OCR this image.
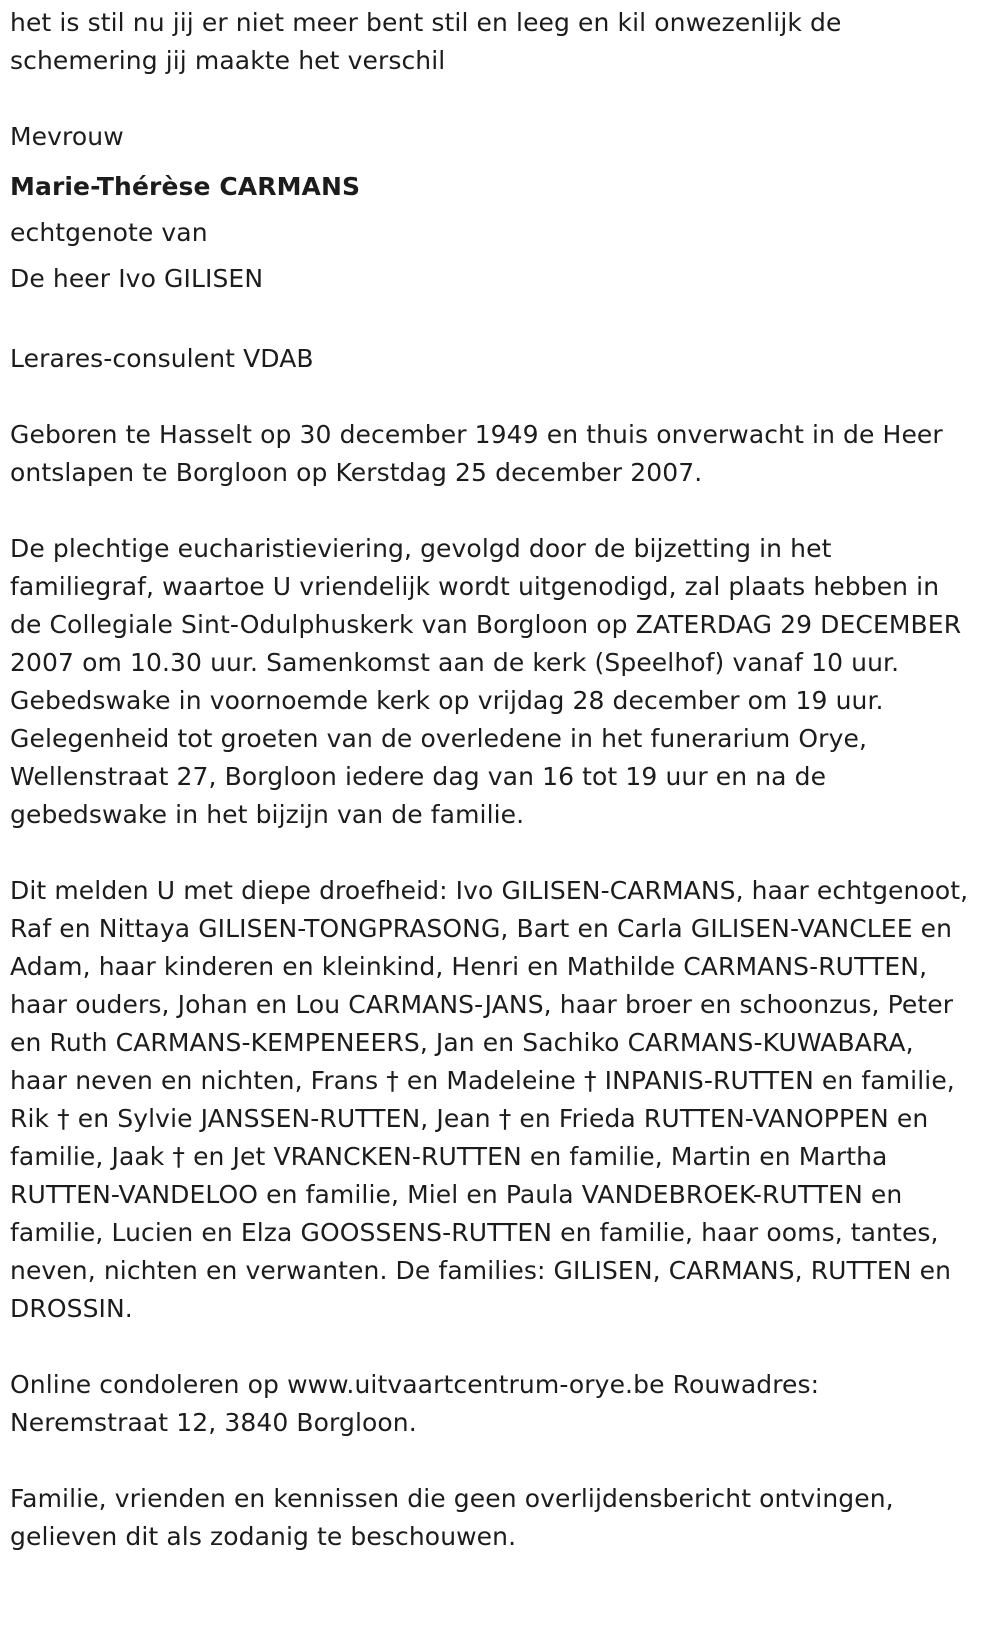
het is stil nu jij er niet meer bent stil en leeg en kil onwezenlijk de schemering jij maakte het verschil

Mevrouw

Marie-Thérèse CARMANS

echtgenote van

De heer Ivo GILISEN

Lerares-consulent VDAB

Geboren te Hasselt op 30 december 1949 en thuis onverwacht in de Heer ontslapen te Borgloon op Kerstdag 25 december 2007.

De plechtige eucharistieviering, gevolgd door de bijzetting in het familiegraf, waartoe U vriendelijk wordt uitgenodigd, zal plaats hebben in de Collegiale Sint-Odulphuskerk van Borgloon op ZATERDAG 29 DECEMBER 2007 om 10.30 uur. Samenkomst aan de kerk (Speelhof) vanaf 10 uur. Gebedswake in voornoemde kerk op vrijdag 28 december om 19 uur. Gelegenheid tot groeten van de overledene in het funerarium Orye, Wellenstraat 27, Borgloon iedere dag van 16 tot 19 uur en na de gebedswake in het bijzijn van de familie.

Dit melden U met diepe droefheid: Ivo GILISEN-CARMANS, haar echtgenoot, Raf en Nittaya GILISEN-TONGPRASONG, Bart en Carla GILISEN-VANCLEE en Adam, haar kinderen en kleinkind, Henri en Mathilde CARMANS-RUTTEN, haar ouders, Johan en Lou CARMANS-JANS, haar broer en schoonzus, Peter en Ruth CARMANS-KEMPENEERS, Jan en Sachiko CARMANS-KUWABARA, haar neven en nichten, Frans † en Madeleine † INPANIS-RUTTEN en familie, Rik † en Sylvie JANSSEN-RUTTEN, Jean † en Frieda RUTTEN-VANOPPEN en familie, Jaak † en Jet VRANCKEN-RUTTEN en familie, Martin en Martha RUTTEN-VANDELOO en familie, Miel en Paula VANDEBROEK-RUTTEN en familie, Lucien en Elza GOOSSENS-RUTTEN en familie, haar ooms, tantes, neven, nichten en verwanten. De families: GILISEN, CARMANS, RUTTEN en DROSSIN.

Online condoleren op www.uitvaartcentrum-orye.be Rouwadres: Neremstraat 12, 3840 Borgloon.

Familie, vrienden en kennissen die geen overlijdensbericht ontvingen, gelieven dit als zodanig te beschouwen.
